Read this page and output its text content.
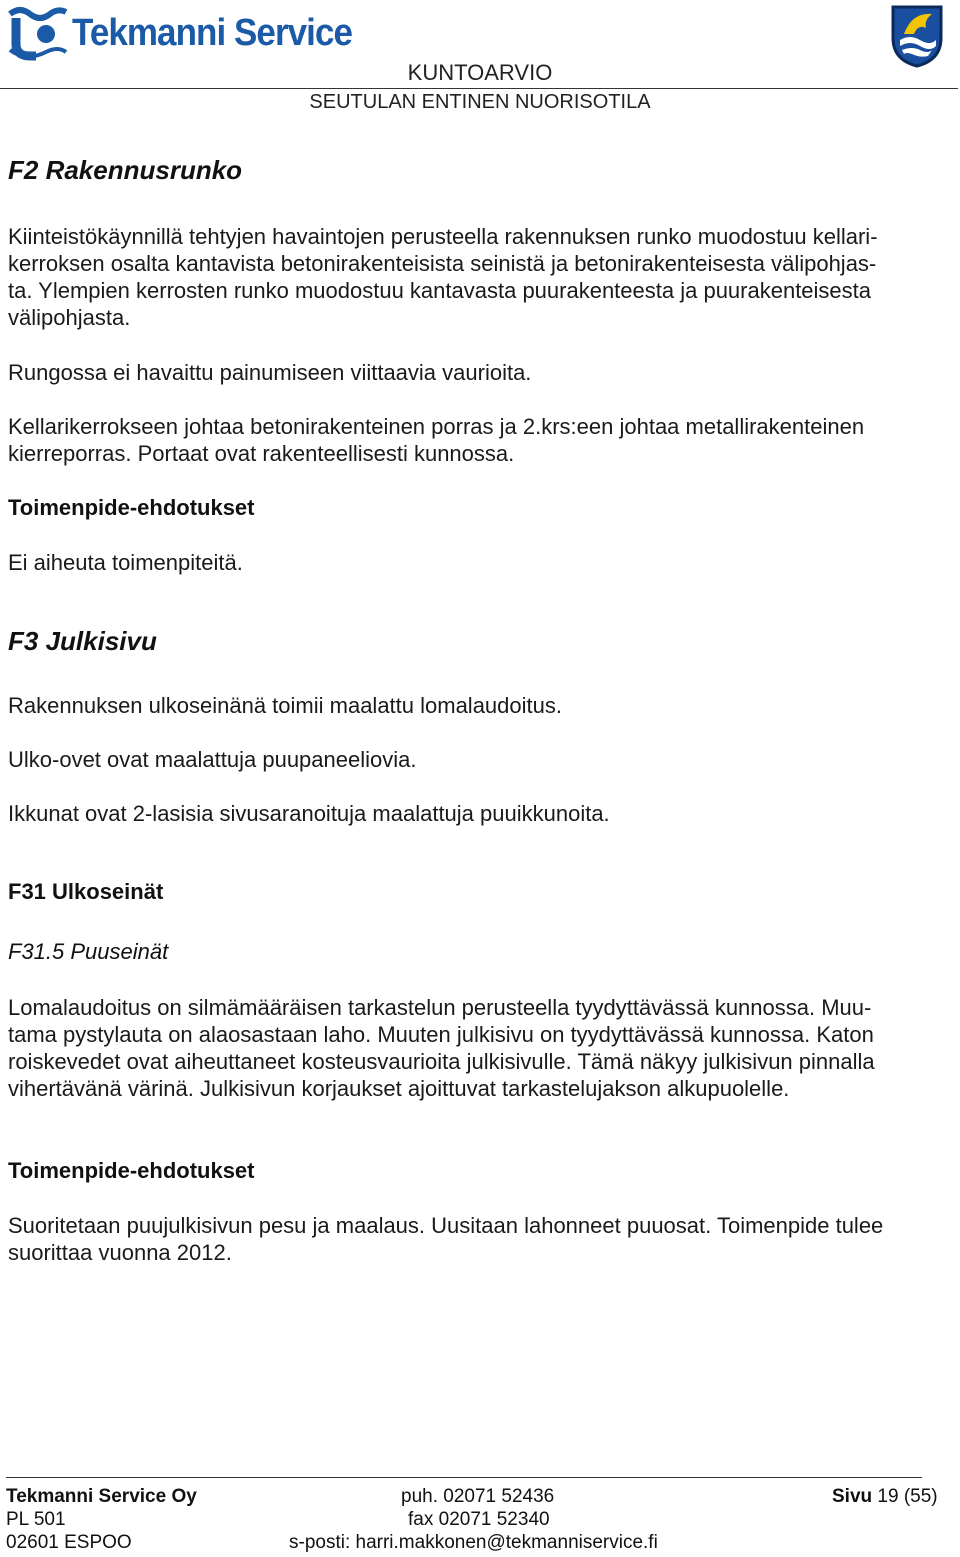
Tekmanni Service
KUNTOARVIO
SEUTULAN ENTINEN NUORISOTILA
F2 Rakennusrunko
Kiinteistökäynnillä tehtyjen havaintojen perusteella rakennuksen runko muodostuu kellari-
kerroksen osalta kantavista betonirakenteisista seinistä ja betonirakenteisesta välipohjas-
ta. Ylempien kerrosten runko muodostuu kantavasta puurakenteesta ja puurakenteisesta
välipohjasta.
Rungossa ei havaittu painumiseen viittaavia vaurioita.
Kellarikerrokseen johtaa betonirakenteinen porras ja 2.krs:een johtaa metallirakenteinen
kierreporras. Portaat ovat rakenteellisesti kunnossa.
Toimenpide-ehdotukset
Ei aiheuta toimenpiteitä.
F3 Julkisivu
Rakennuksen ulkoseinänä toimii maalattu lomalaudoitus.
Ulko-ovet ovat maalattuja puupaneeliovia.
Ikkunat ovat 2-lasisia sivusaranoituja maalattuja puuikkunoita.
F31 Ulkoseinät
F31.5 Puuseinät
Lomalaudoitus on silmämääräisen tarkastelun perusteella tyydyttävässä kunnossa. Muu-
tama pystylauta on alaosastaan laho. Muuten julkisivu on tyydyttävässä kunnossa. Katon
roiskevedet ovat aiheuttaneet kosteusvaurioita julkisivulle. Tämä näkyy julkisivun pinnalla
vihertävänä värinä. Julkisivun korjaukset ajoittuvat tarkastelujakson alkupuolelle.
Toimenpide-ehdotukset
Suoritetaan puujulkisivun pesu ja maalaus. Uusitaan lahonneet puuosat. Toimenpide tulee
suorittaa vuonna 2012.
Tekmanni Service Oy
PL 501
02601 ESPOO
puh. 02071 52436
fax 02071 52340
s-posti: harri.makkonen@tekmanniservice.fi
Sivu 19 (55)
